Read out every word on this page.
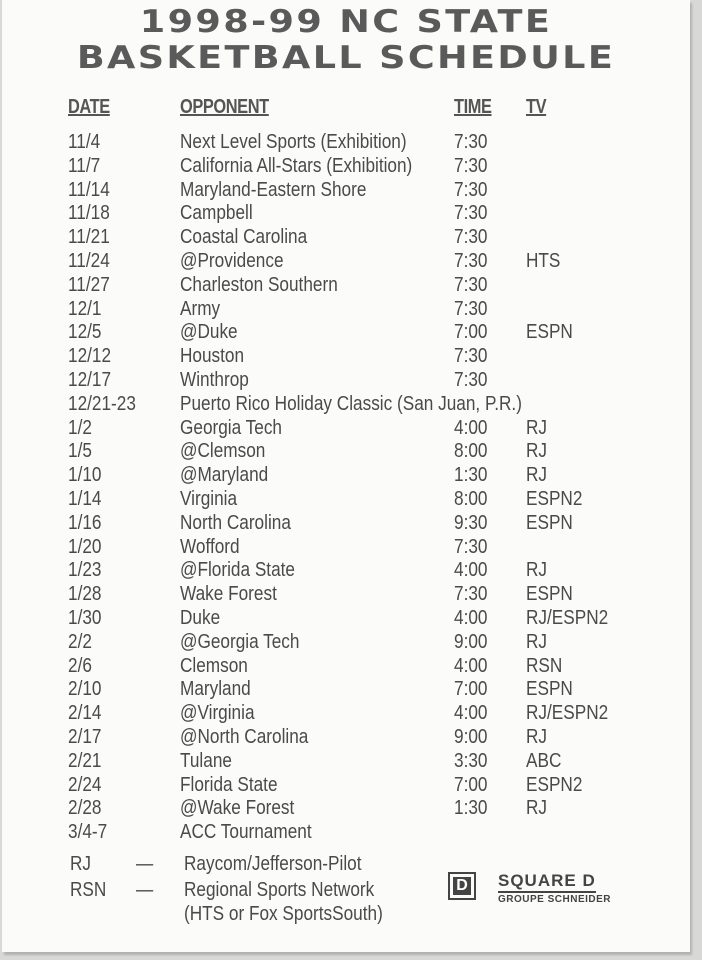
1998-99 NC STATE
BASKETBALL SCHEDULE
DATE	OPPONENT	TIME TV
11/4	Next Level Sports (Exhibition) 7:30
11/7	California All-Stars (Exhibition) 7:30
11/14	Maryland-Eastern Shore	7:30
11/18	Campbell	7:30
11/21	Coastal Carolina	7:30
11/24	@Providence	7:30 HTS
11/27	Charleston Southern	7:30
12/1	Army	7:30
12/5	@Duke	7:00 ESPN
12/12	Houston	7:30
12/17	Winthrop	7:30
12/21-23 Puerto Rico Holiday Classic (San Juan, P.R.)
1/2	Georgia Tech	4:00 RJ
1/5	@Clemson	8:00 RJ
1/10	@Maryland	1:30 RJ
1/14	Virginia	8:00 ESPN2
1/16	North Carolina	9:30 ESPN
1/20	Wofford	7:30
1/23	@Florida State	4:00 RJ
1/28	Wake Forest	7:30 ESPN
1/30	Duke	4:00 RJ/ESPN2
2/2	@Georgia Tech	9:00 RJ
2/6	Clemson	4:00 RSN
2/10	Maryland	7:00 ESPN
2/14	@Virginia	4:00 RJ/ESPN2
2/17	@North Carolina	9:00 RJ
2/21	Tulane	3:30 ABC
2/24	Florida State	7:00 ESPN2
2/28	@Wake Forest	1:30 RJ
3/4-7	ACC Tournament
RJ — Raycom/Jefferson-Pilot
RSN — Regional Sports Network
(HTS or Fox SportsSouth)
D SQUARE D
GROUPE SCHNEIDER
